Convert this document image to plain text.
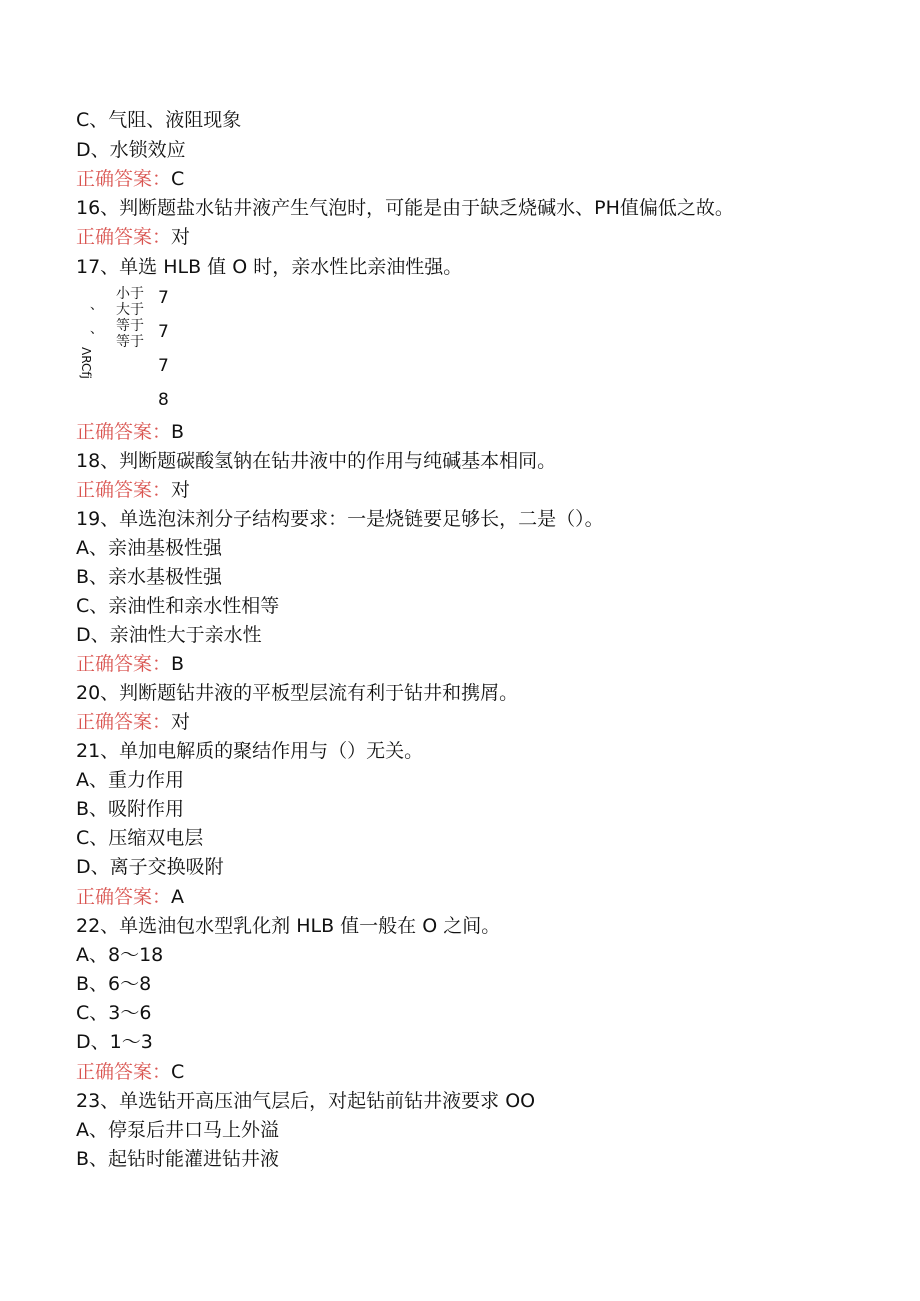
C、气阻、液阻现象
D、水锁效应
正确答案：C
16、判断题盐水钻井液产生气泡时，可能是由于缺乏烧碱水、PH值偏低之故。
正确答案：对
17、单选 HLB 值 O 时，亲水性比亲油性强。
、
、
小于
大于
等于
等于
7
7
7
8
ΛRCfj
正确答案：B
18、判断题碳酸氢钠在钻井液中的作用与纯碱基本相同。
正确答案：对
19、单选泡沫剂分子结构要求：一是烧链要足够长，二是（）。
A、亲油基极性强
B、亲水基极性强
C、亲油性和亲水性相等
D、亲油性大于亲水性
正确答案：B
20、判断题钻井液的平板型层流有利于钻井和携屑。
正确答案：对
21、单加电解质的聚结作用与（）无关。
A、重力作用
B、吸附作用
C、压缩双电层
D、离子交换吸附
正确答案：A
22、单选油包水型乳化剂 HLB 值一般在 O 之间。
A、8〜18
B、6〜8
C、3〜6
D、1〜3
正确答案：C
23、单选钻开高压油气层后，对起钻前钻井液要求 OO
A、停泵后井口马上外溢
B、起钻时能灌进钻井液
